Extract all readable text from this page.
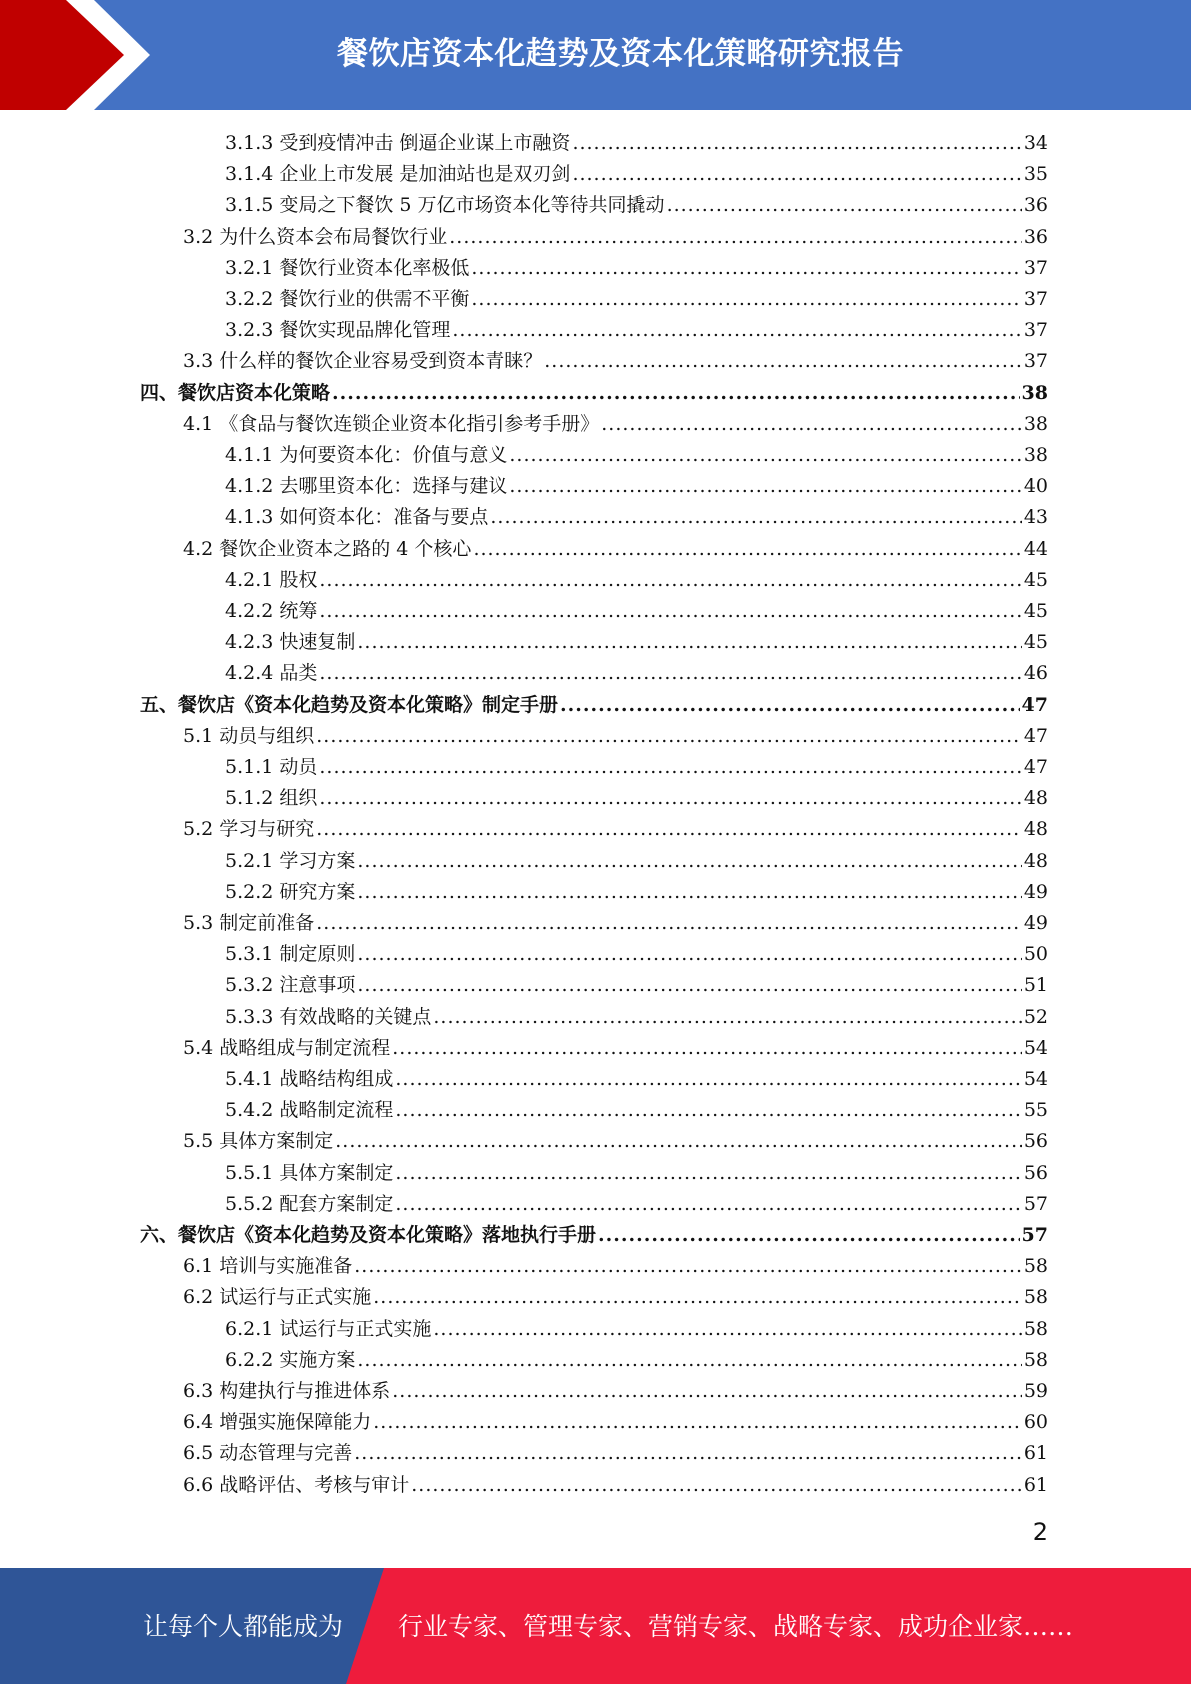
餐饮店资本化趋势及资本化策略研究报告
3.1.3 受到疫情冲击 倒逼企业谋上市融资 .....	34
3.1.4 企业上市发展 是加油站也是双刃剑 .....	35
3.1.5 变局之下餐饮 5 万亿市场资本化等待共同撬动 .....	36
3.2 为什么资本会布局餐饮行业 .....	36
3.2.1 餐饮行业资本化率极低 .....	37
3.2.2 餐饮行业的供需不平衡 .....	37
3.2.3 餐饮实现品牌化管理 .....	37
3.3 什么样的餐饮企业容易受到资本青睐？ .....	37
四、餐饮店资本化策略 .....	38
4.1 《食品与餐饮连锁企业资本化指引参考手册》 .....	38
4.1.1 为何要资本化：价值与意义 .....	38
4.1.2 去哪里资本化：选择与建议 .....	40
4.1.3 如何资本化：准备与要点 .....	43
4.2 餐饮企业资本之路的 4 个核心 .....	44
4.2.1 股权 .....	45
4.2.2 统筹 .....	45
4.2.3 快速复制 .....	45
4.2.4 品类 .....	46
五、餐饮店《资本化趋势及资本化策略》制定手册 .....	47
5.1 动员与组织 .....	47
5.1.1 动员 .....	47
5.1.2 组织 .....	48
5.2 学习与研究 .....	48
5.2.1 学习方案 .....	48
5.2.2 研究方案 .....	49
5.3 制定前准备 .....	49
5.3.1 制定原则 .....	50
5.3.2 注意事项 .....	51
5.3.3 有效战略的关键点 .....	52
5.4 战略组成与制定流程 .....	54
5.4.1 战略结构组成 .....	54
5.4.2 战略制定流程 .....	55
5.5 具体方案制定 .....	56
5.5.1 具体方案制定 .....	56
5.5.2 配套方案制定 .....	57
六、餐饮店《资本化趋势及资本化策略》落地执行手册 .....	57
6.1 培训与实施准备 .....	58
6.2 试运行与正式实施 .....	58
6.2.1 试运行与正式实施 .....	58
6.2.2 实施方案 .....	58
6.3 构建执行与推进体系 .....	59
6.4 增强实施保障能力 .....	60
6.5 动态管理与完善 .....	61
6.6 战略评估、考核与审计 .....	61
2
让每个人都能成为 行业专家、管理专家、营销专家、战略专家、成功企业家……
